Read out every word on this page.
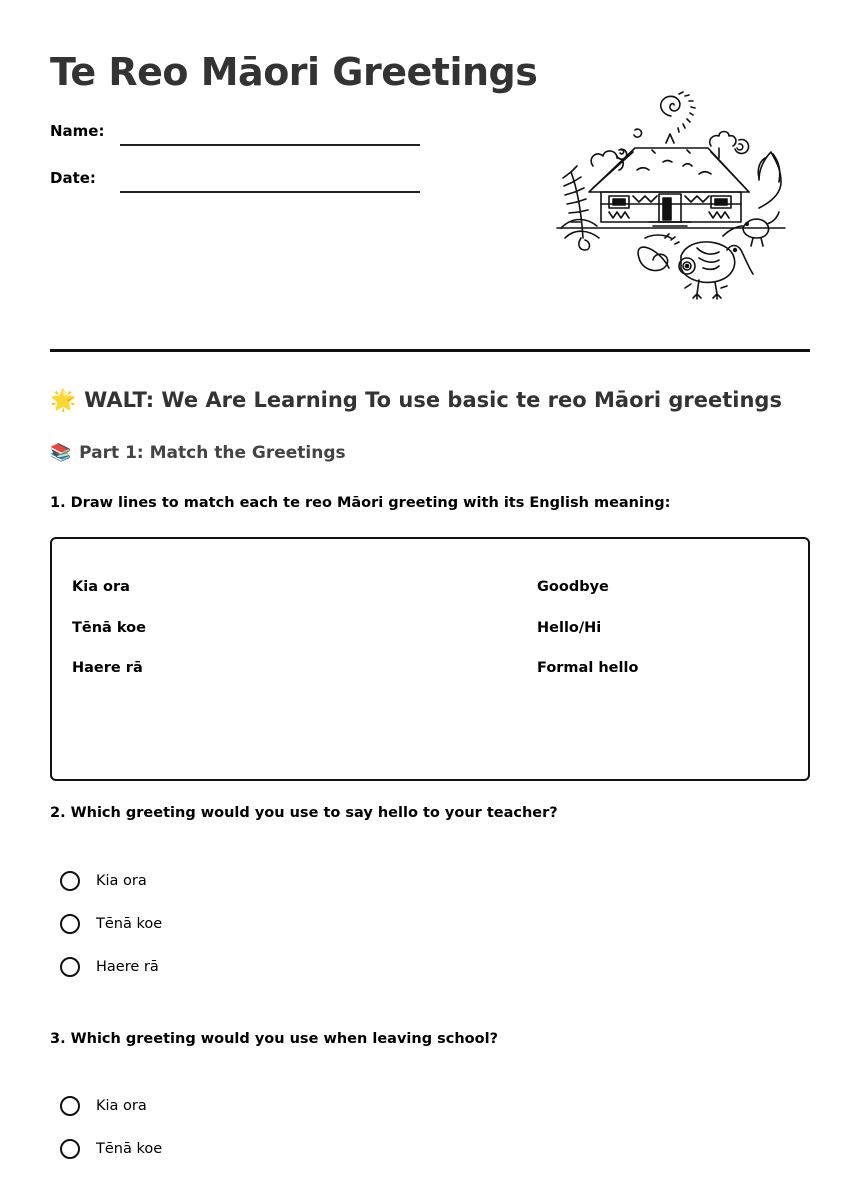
Te Reo Māori Greetings
Name:
Date:
🌟 WALT: We Are Learning To use basic te reo Māori greetings
📚 Part 1: Match the Greetings

1. Draw lines to match each te reo Māori greeting with its English meaning:

Kia ora
Tēnā koe
Haere rā
Goodbye
Hello/Hi
Formal hello

2. Which greeting would you use to say hello to your teacher?

Kia ora
Tēnā koe
Haere rā

3. Which greeting would you use when leaving school?

Kia ora
Tēnā koe
